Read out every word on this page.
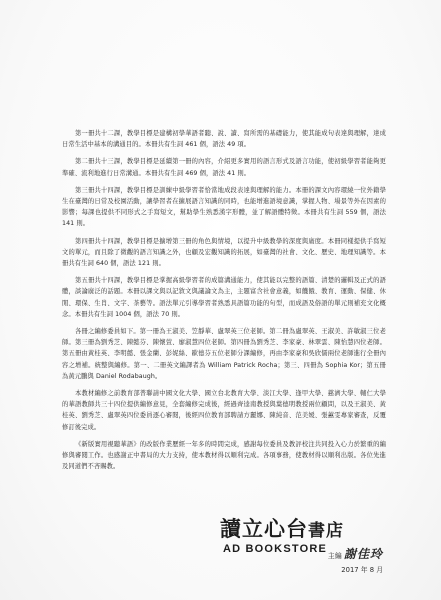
第一冊共十二課，教學目標是建構初學華語者聽、說、讀、寫所需的基礎能力，使其能成句表達與理解，達成日常生活中基本的溝通目的。本冊共有生詞 461 個，語法 49 項。

第二冊共十三課，教學目標是延續第一冊的內容，介紹更多實用的語言形式及語言功能，使初級學習者能夠更準確、流利地進行日常溝通。本冊共有生詞 469 個，語法 41 則。

第三冊共十四課，教學目標是訓練中級學習者恰當地成段表達與理解的能力。本冊的課文內容環繞一位外籍學生在臺灣的日常及校園活動，讓學習者在擴展語言知識的同時，也能增進語境意識，掌握人物、場景等外在因素的影響；每課也提供不同形式之手寫短文，幫助學生熟悉漢字形體，並了解語體特徵。本冊共有生詞 559 個，語法 141 則。

第四冊共十四課，教學目標是擴增第三冊的角色與情境，以提升中級教學的深度與廣度。本冊同樣提供手寫短文的單元，而且除了微觀的語言知識之外，也顧及宏觀知識的拓展，如臺灣的社會、文化、歷史、地理知識等。本冊共有生詞 640 個，語法 121 則。

第五冊共十四課，教學目標是掌握高級學習者的成篇溝通能力，使其能以完整的語篇、清楚的邏輯及正式的語體，談論廣泛的話題。本冊以課文與以記敘文與議論文為主，主題富含社會意義，如饑餓、教育、運動、保健、休閒、環保、生肖、文字、茶藝等。語法單元引導學習者熟悉具語篇功能的句型，而成語及俗語的單元則補充文化概念。本冊共有生詞 1004 個，語法 70 則。

各冊之編修委員如下。第一冊為王淑美、笠靜華、盧翠英三位老師。第二冊為盧翠英、王淑美、許敏淑三位老師。第三冊為劉秀芝、陳懿芬、陳懷萱、廖淑慧四位老師。第四冊為劉秀芝、李家豪、林翠雲、陳怡慧四位老師。第五冊由黃桂英、李明懿、張金蘭、彭妮絲、歐德芬五位老師分課編修，再由李家豪和吳欣儒兩位老師進行全冊內容之增補。統整與編修。第一、二冊英文編譯者為 William Patrick Rocha；第三、四冊為 Sophia Kor；第五冊為黃元鵬與 Daniel Rodabaugh。

本教材編修之前教育部普聯請中國文化大學、國立台北教育大學、淡江大學、逢甲大學、慈濟大學、輔仁大學的華語教師共三十四位提供編修意見，全套編修完成後，經過齊逵南教授與葉德明教授兩位顧問，以及王淑美、黃桂英、劉秀芝、盧翠英四位委員逐心審閱，後經四位教育部聘請方麗娜、陳純音、范美媛、張蕙雯專家審查，反覆修訂後完成。

《新版實用視聽華語》的改版作業歷經一年多的時間完成，感謝每位委員及教評校注共同投入心力於繁重的編修與審閱工作。也感謝正中書局的大力支持，使本教材得以順利完成。各項事務，使教材得以順利出版。各位先進及同道們不吝賜教。

讀立心台書店
AD BOOKSTORE
主編 謝佳玲
2017 年 8 月
